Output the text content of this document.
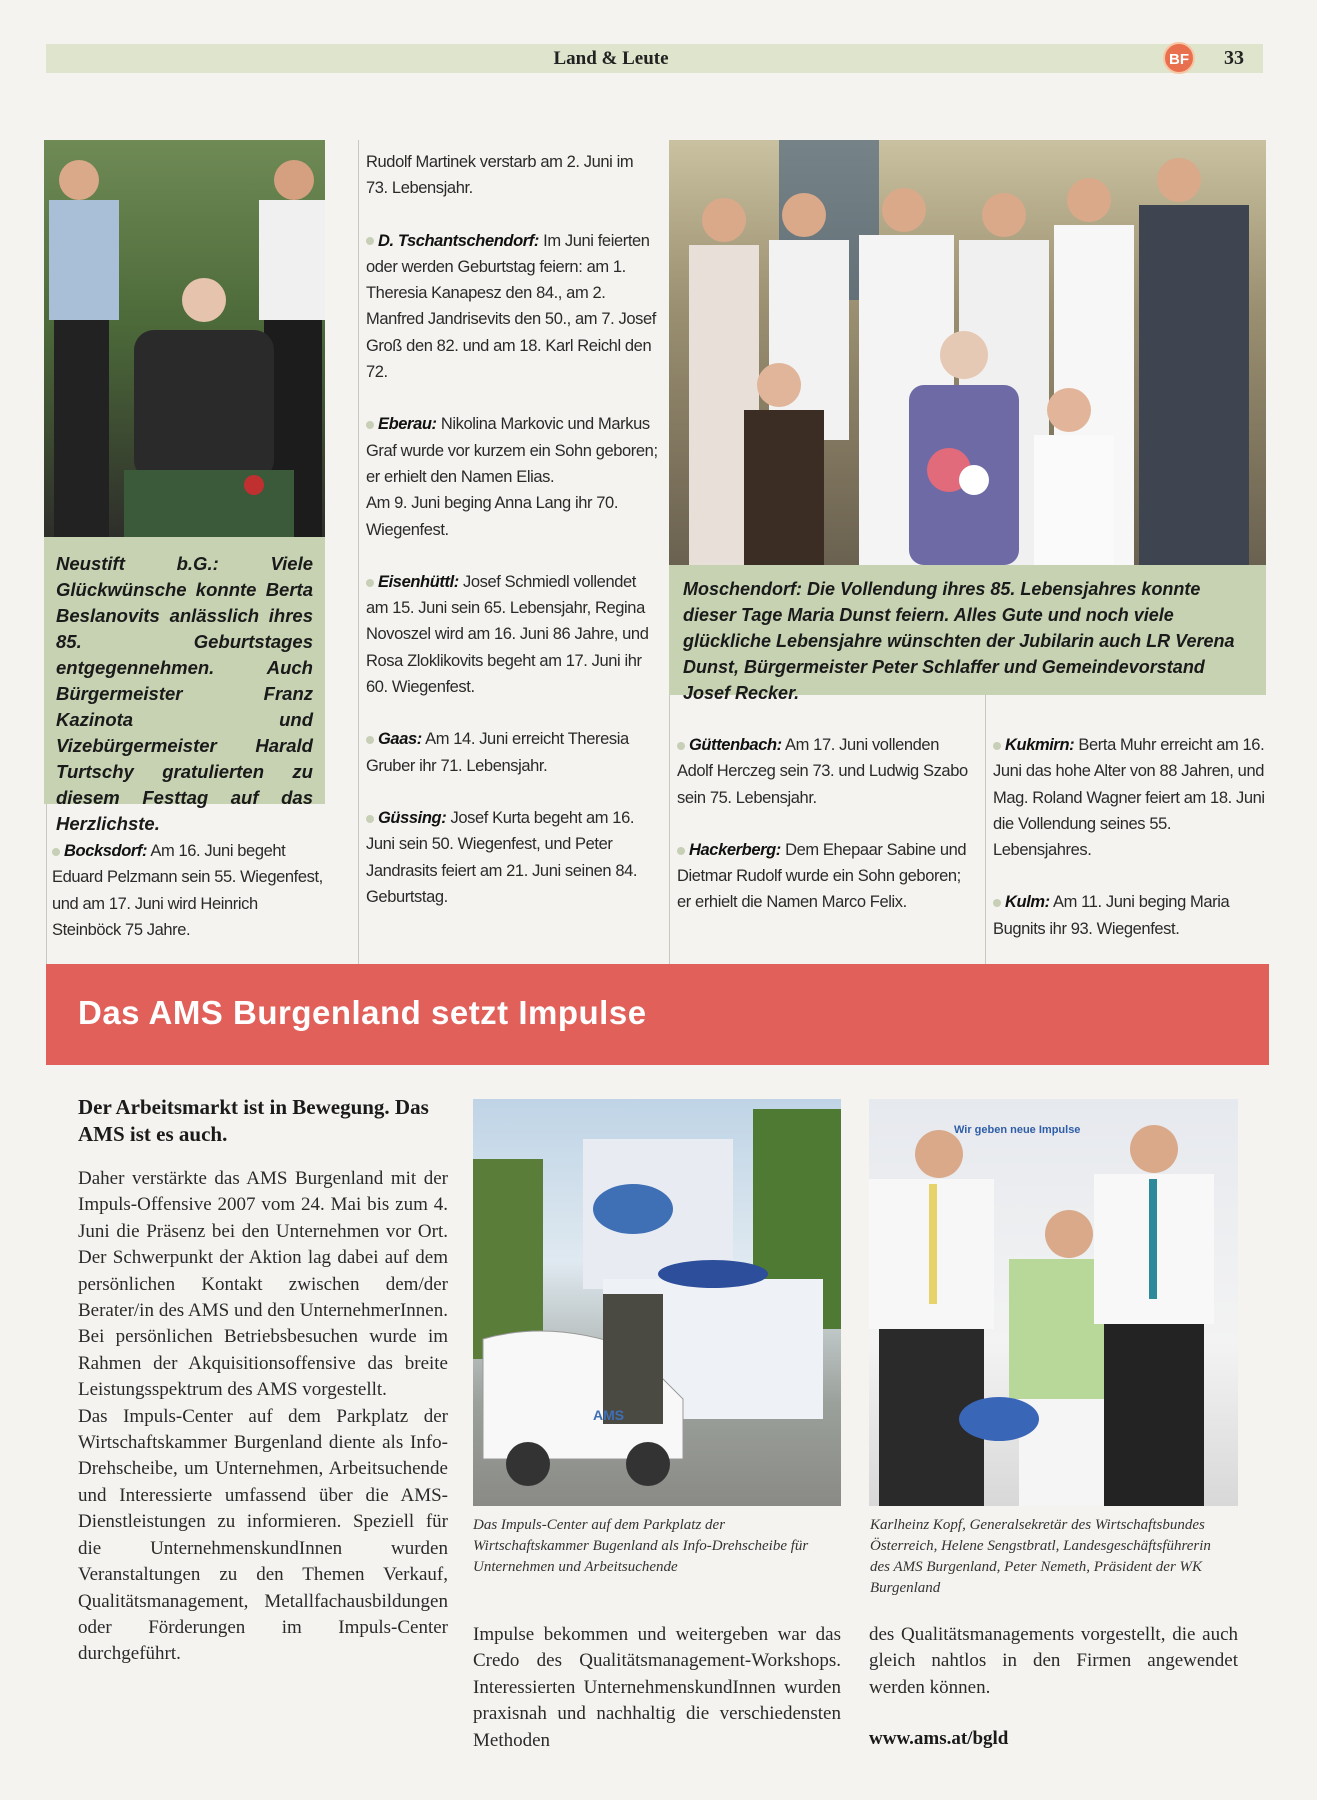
Land & Leute	BF	33
Neustift b.G.: Viele Glückwünsche konnte Berta Beslanovits anlässlich ihres 85. Geburtstages entgegennehmen. Auch Bürgermeister Franz Kazinota und Vizebürgermeister Harald Turtschy gratulierten zu diesem Festtag auf das Herzlichste.

Bocksdorf: Am 16. Juni begeht Eduard Pelzmann sein 55. Wiegenfest, und am 17. Juni wird Heinrich Steinböck 75 Jahre.

Rudolf Martinek verstarb am 2. Juni im 73. Lebensjahr.

D. Tschantschendorf: Im Juni feierten oder werden Geburtstag feiern: am 1. Theresia Kanapesz den 84., am 2. Manfred Jandrisevits den 50., am 7. Josef Groß den 82. und am 18. Karl Reichl den 72.

Eberau: Nikolina Markovic und Markus Graf wurde vor kurzem ein Sohn geboren; er erhielt den Namen Elias.
Am 9. Juni beging Anna Lang ihr 70. Wiegenfest.

Eisenhüttl: Josef Schmiedl vollendet am 15. Juni sein 65. Lebensjahr, Regina Novoszel wird am 16. Juni 86 Jahre, und Rosa Zloklikovits begeht am 17. Juni ihr 60. Wiegenfest.

Gaas: Am 14. Juni erreicht Theresia Gruber ihr 71. Lebensjahr.

Güssing: Josef Kurta begeht am 16. Juni sein 50. Wiegenfest, und Peter Jandrasits feiert am 21. Juni seinen 84. Geburtstag.

Moschendorf: Die Vollendung ihres 85. Lebensjahres konnte dieser Tage Maria Dunst feiern. Alles Gute und noch viele glückliche Lebensjahre wünschten der Jubilarin auch LR Verena Dunst, Bürgermeister Peter Schlaffer und Gemeindevorstand Josef Recker.

Güttenbach: Am 17. Juni vollenden Adolf Herczeg sein 73. und Ludwig Szabo sein 75. Lebensjahr.

Hackerberg: Dem Ehepaar Sabine und Dietmar Rudolf wurde ein Sohn geboren; er erhielt die Namen Marco Felix.

Kukmirn: Berta Muhr erreicht am 16. Juni das hohe Alter von 88 Jahren, und Mag. Roland Wagner feiert am 18. Juni die Vollendung seines 55. Lebensjahres.

Kulm: Am 11. Juni beging Maria Bugnits ihr 93. Wiegenfest.

Das AMS Burgenland setzt Impulse
Der Arbeitsmarkt ist in Bewegung. Das AMS ist es auch.

Daher verstärkte das AMS Burgenland mit der Impuls-Offensive 2007 vom 24. Mai bis zum 4. Juni die Präsenz bei den Unternehmen vor Ort. Der Schwerpunkt der Aktion lag dabei auf dem persönlichen Kontakt zwischen dem/der Berater/in des AMS und den UnternehmerInnen. Bei persönlichen Betriebsbesuchen wurde im Rahmen der Akquisitionsoffensive das breite Leistungsspektrum des AMS vorgestellt.

Das Impuls-Center auf dem Parkplatz der Wirtschaftskammer Burgenland diente als Info-Drehscheibe, um Unternehmen, Arbeitsuchende und Interessierte umfassend über die AMS-Dienstleistungen zu informieren. Speziell für die UnternehmenskundInnen wurden Veranstaltungen zu den Themen Verkauf, Qualitätsmanagement, Metallfachausbildungen oder Förderungen im Impuls-Center durchgeführt.

AMS
Das Impuls-Center auf dem Parkplatz der Wirtschaftskammer Bugenland als Info-Drehscheibe für Unternehmen und Arbeitsuchende
Wir geben neue Impulse
Karlheinz Kopf, Generalsekretär des Wirtschaftsbundes Österreich, Helene Sengstbratl, Landesgeschäftsführerin des AMS Burgenland, Peter Nemeth, Präsident der WK Burgenland

Impulse bekommen und weitergeben war das Credo des Qualitätsmanagement-Workshops. Interessierten UnternehmenskundInnen wurden praxisnah und nachhaltig die verschiedensten Methoden

des Qualitätsmanagements vorgestellt, die auch gleich nahtlos in den Firmen angewendet werden können.

www.ams.at/bgld
